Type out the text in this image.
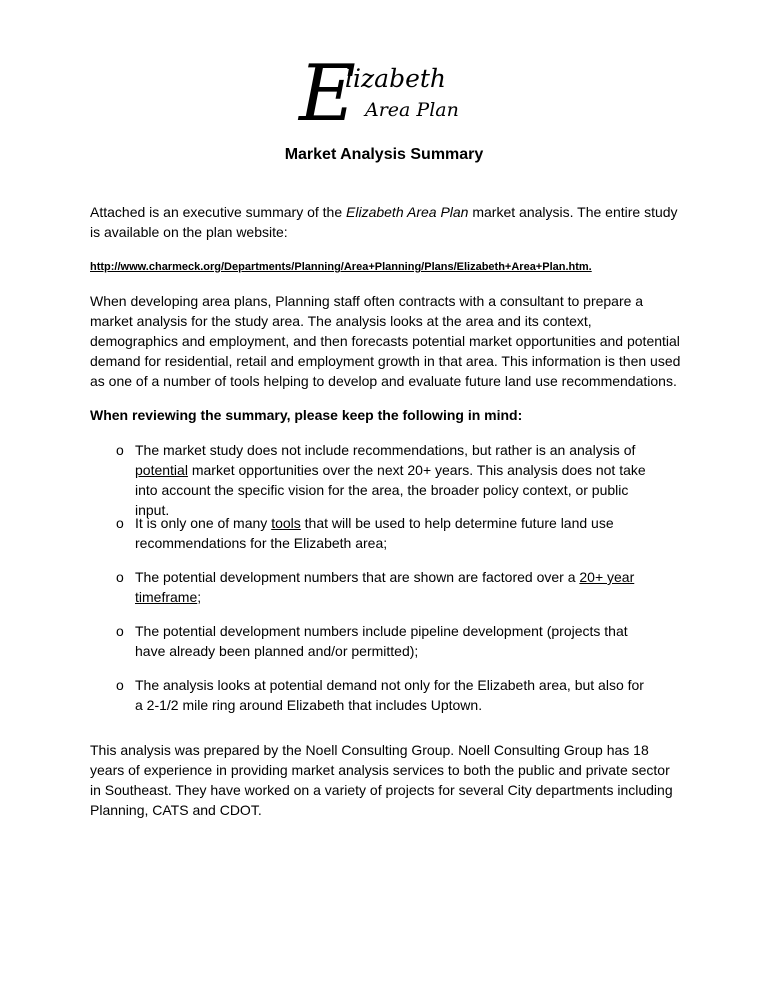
E
lizabeth
Area Plan
Market Analysis Summary
Attached is an executive summary of the Elizabeth Area Plan market analysis. The entire study is available on the plan website:
http://www.charmeck.org/Departments/Planning/Area+Planning/Plans/Elizabeth+Area+Plan.htm.
When developing area plans, Planning staff often contracts with a consultant to prepare a market analysis for the study area. The analysis looks at the area and its context, demographics and employment, and then forecasts potential market opportunities and potential demand for residential, retail and employment growth in that area. This information is then used as one of a number of tools helping to develop and evaluate future land use recommendations.
When reviewing the summary, please keep the following in mind:
o The market study does not include recommendations, but rather is an analysis of potential market opportunities over the next 20+ years. This analysis does not take into account the specific vision for the area, the broader policy context, or public input.
o It is only one of many tools that will be used to help determine future land use recommendations for the Elizabeth area;
o The potential development numbers that are shown are factored over a 20+ year timeframe;
o The potential development numbers include pipeline development (projects that have already been planned and/or permitted);
o The analysis looks at potential demand not only for the Elizabeth area, but also for a 2-1/2 mile ring around Elizabeth that includes Uptown.
This analysis was prepared by the Noell Consulting Group. Noell Consulting Group has 18 years of experience in providing market analysis services to both the public and private sector in Southeast. They have worked on a variety of projects for several City departments including Planning, CATS and CDOT.
